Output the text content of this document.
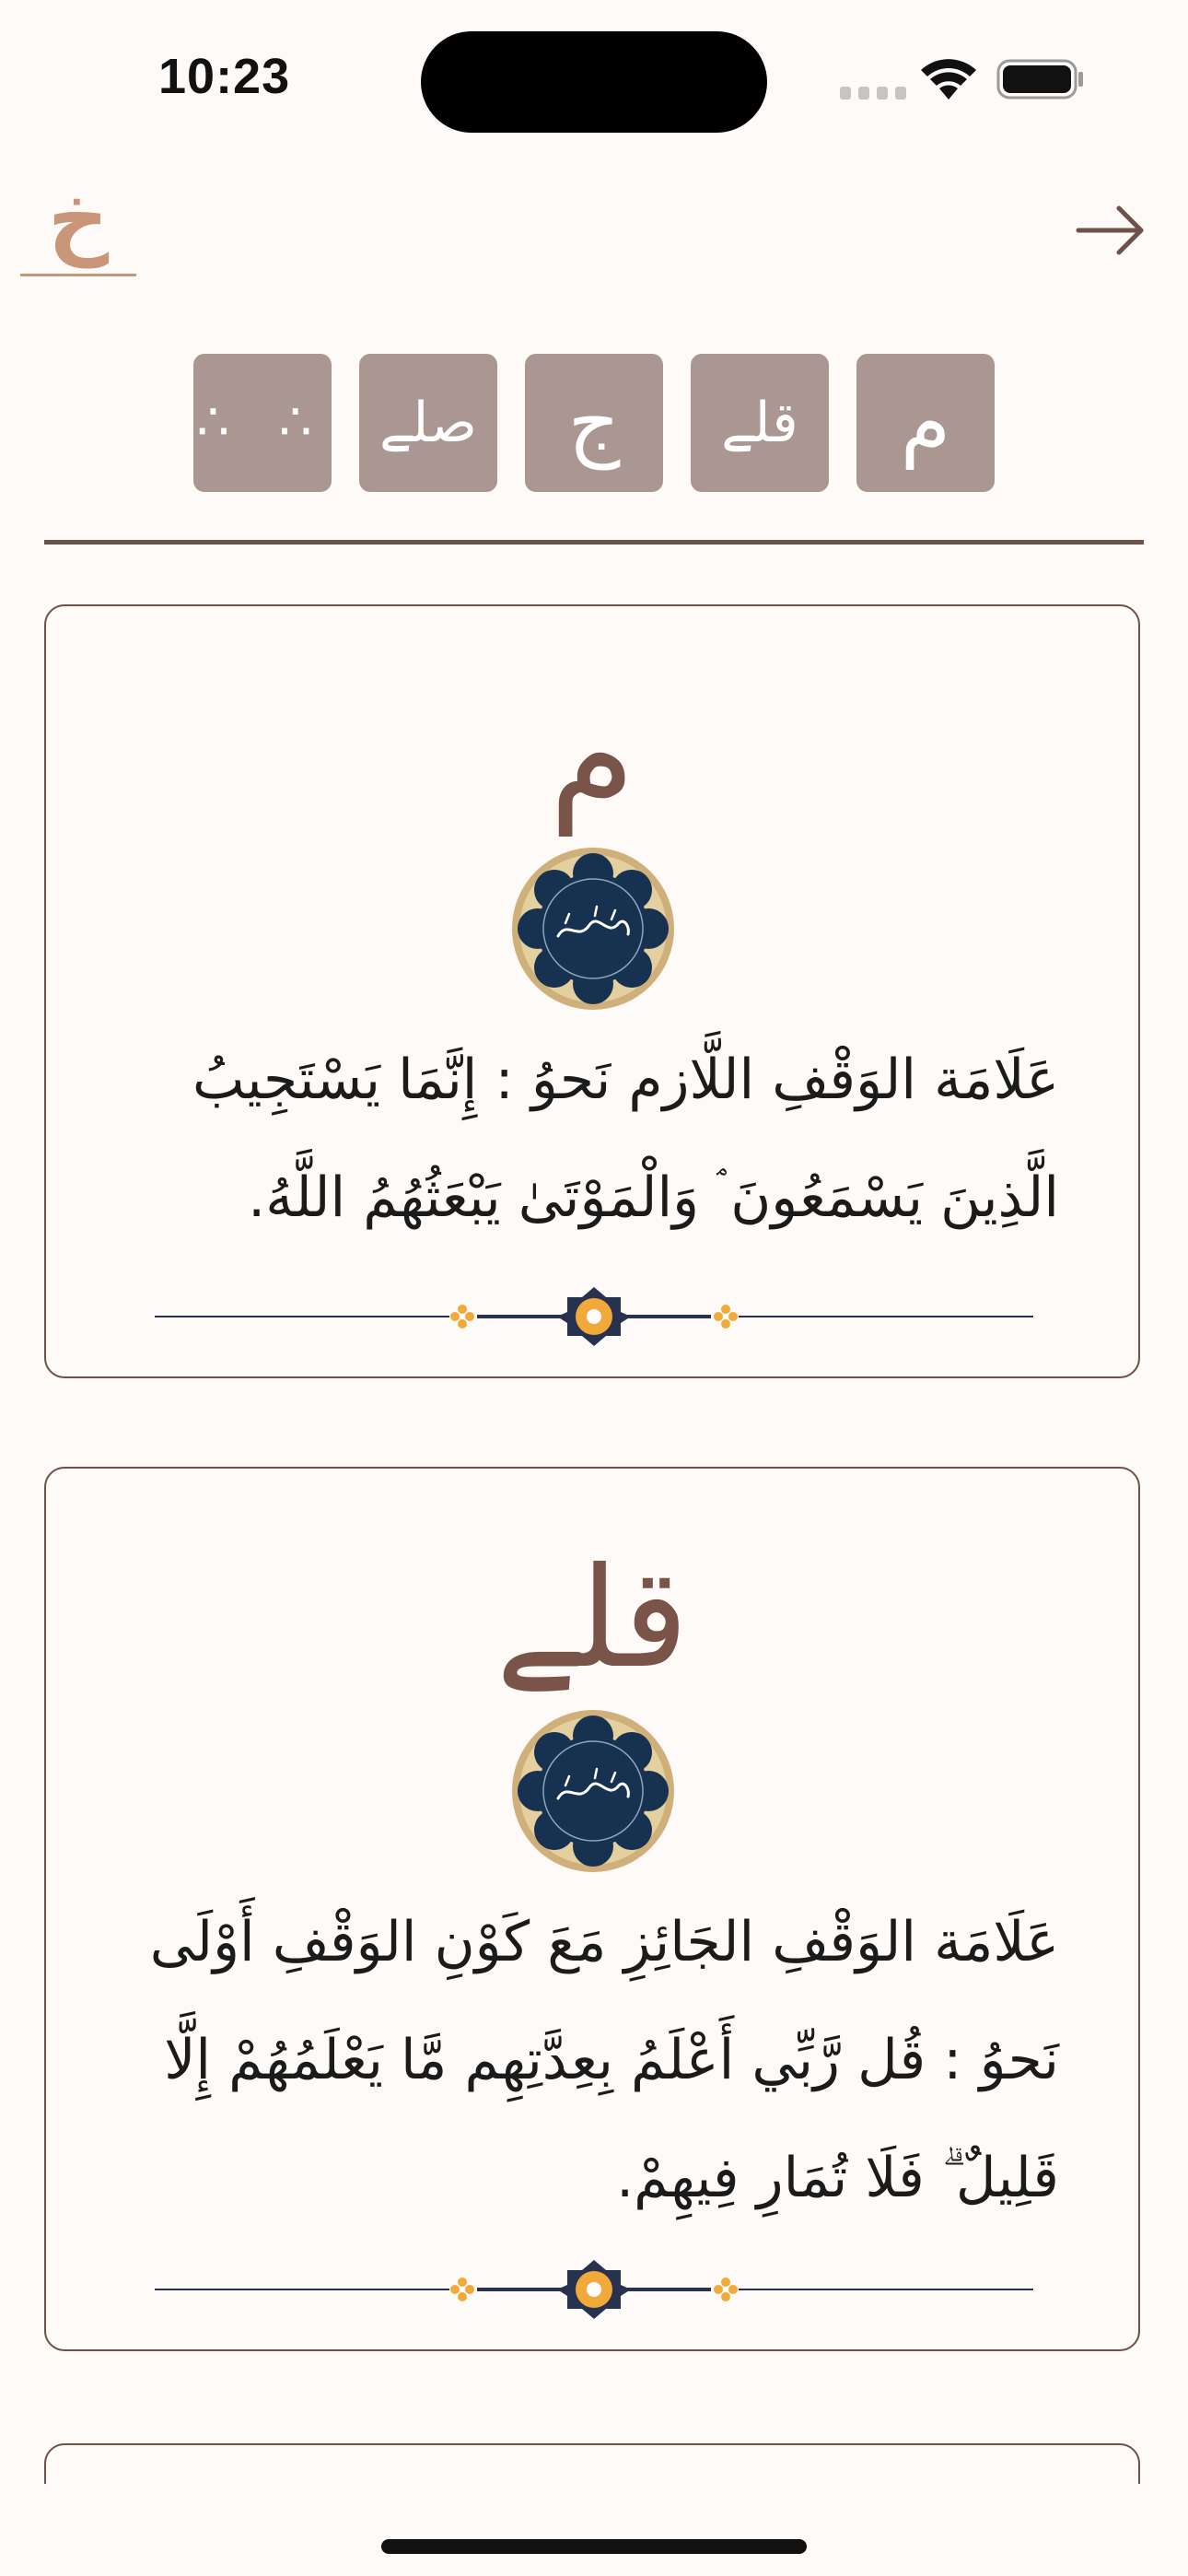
10:23
خ
م
قلے
ج
صلے
∴ ∴
م
عَلَامَة الوَقْفِ اللَّازم نَحوُ : إِنَّمَا يَسْتَجِيبُ
الَّذِينَ يَسْمَعُونَ ۘ وَالْمَوْتَىٰ يَبْعَثُهُمُ اللَّهُ.
قلے
عَلَامَة الوَقْفِ الجَائِزِ مَعَ كَوْنِ الوَقْفِ أَوْلَى
نَحوُ : قُل رَّبِّي أَعْلَمُ بِعِدَّتِهِم مَّا يَعْلَمُهُمْ إِلَّا
قَلِيلٌ ۗ فَلَا تُمَارِ فِيهِمْ.
